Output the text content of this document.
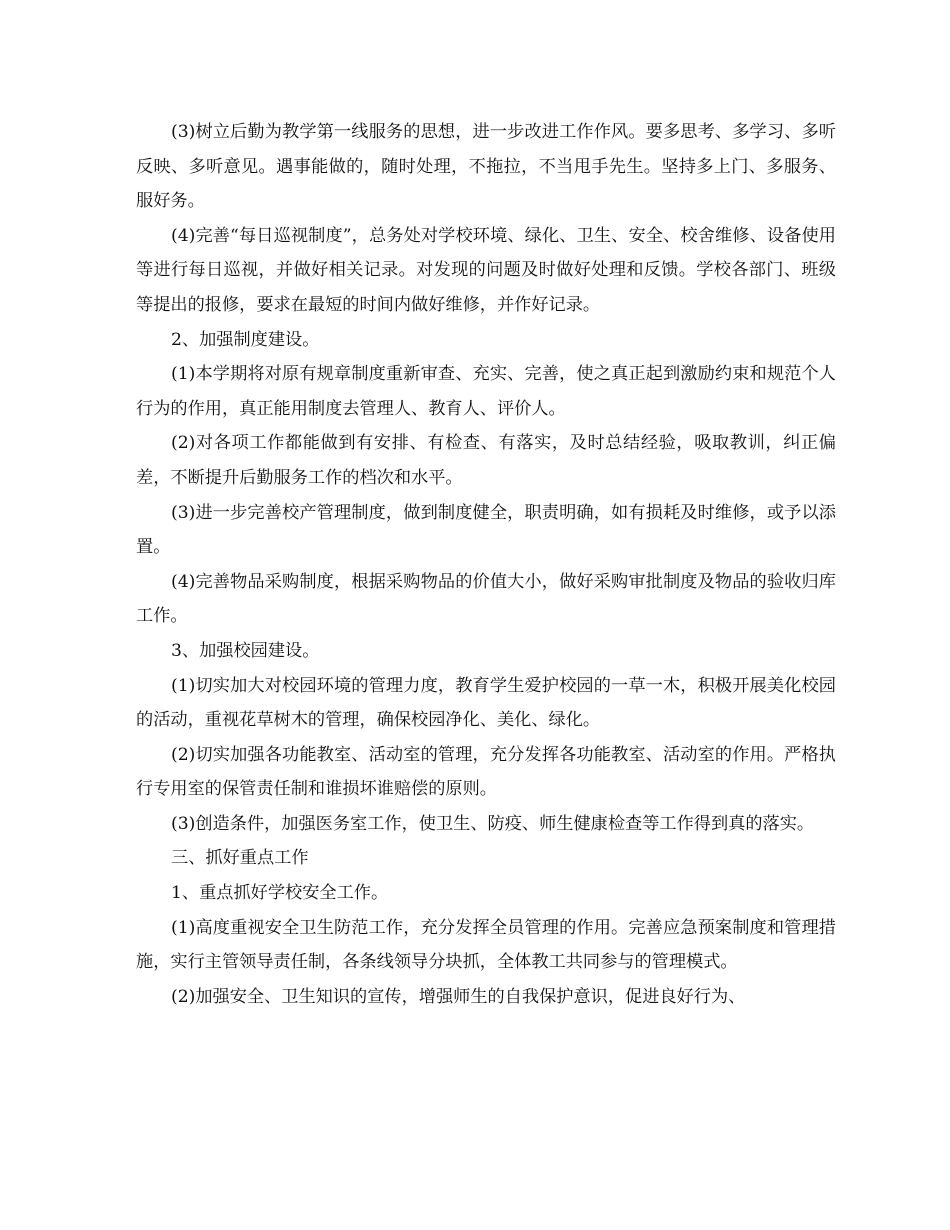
(3)树立后勤为教学第一线服务的思想，进一步改进工作作风。要多思考、多学习、多听反映、多听意见。遇事能做的，随时处理，不拖拉，不当甩手先生。坚持多上门、多服务、服好务。

(4)完善“每日巡视制度”，总务处对学校环境、绿化、卫生、安全、校舍维修、设备使用等进行每日巡视，并做好相关记录。对发现的问题及时做好处理和反馈。学校各部门、班级等提出的报修，要求在最短的时间内做好维修，并作好记录。

2、加强制度建设。

(1)本学期将对原有规章制度重新审查、充实、完善，使之真正起到激励约束和规范个人行为的作用，真正能用制度去管理人、教育人、评价人。

(2)对各项工作都能做到有安排、有检查、有落实，及时总结经验，吸取教训，纠正偏差，不断提升后勤服务工作的档次和水平。

(3)进一步完善校产管理制度，做到制度健全，职责明确，如有损耗及时维修，或予以添置。

(4)完善物品采购制度，根据采购物品的价值大小，做好采购审批制度及物品的验收归库工作。

3、加强校园建设。

(1)切实加大对校园环境的管理力度，教育学生爱护校园的一草一木，积极开展美化校园的活动，重视花草树木的管理，确保校园净化、美化、绿化。

(2)切实加强各功能教室、活动室的管理，充分发挥各功能教室、活动室的作用。严格执行专用室的保管责任制和谁损坏谁赔偿的原则。

(3)创造条件，加强医务室工作，使卫生、防疫、师生健康检查等工作得到真的落实。

三、抓好重点工作

1、重点抓好学校安全工作。

(1)高度重视安全卫生防范工作，充分发挥全员管理的作用。完善应急预案制度和管理措施，实行主管领导责任制，各条线领导分块抓，全体教工共同参与的管理模式。

(2)加强安全、卫生知识的宣传，增强师生的自我保护意识，促进良好行为、
